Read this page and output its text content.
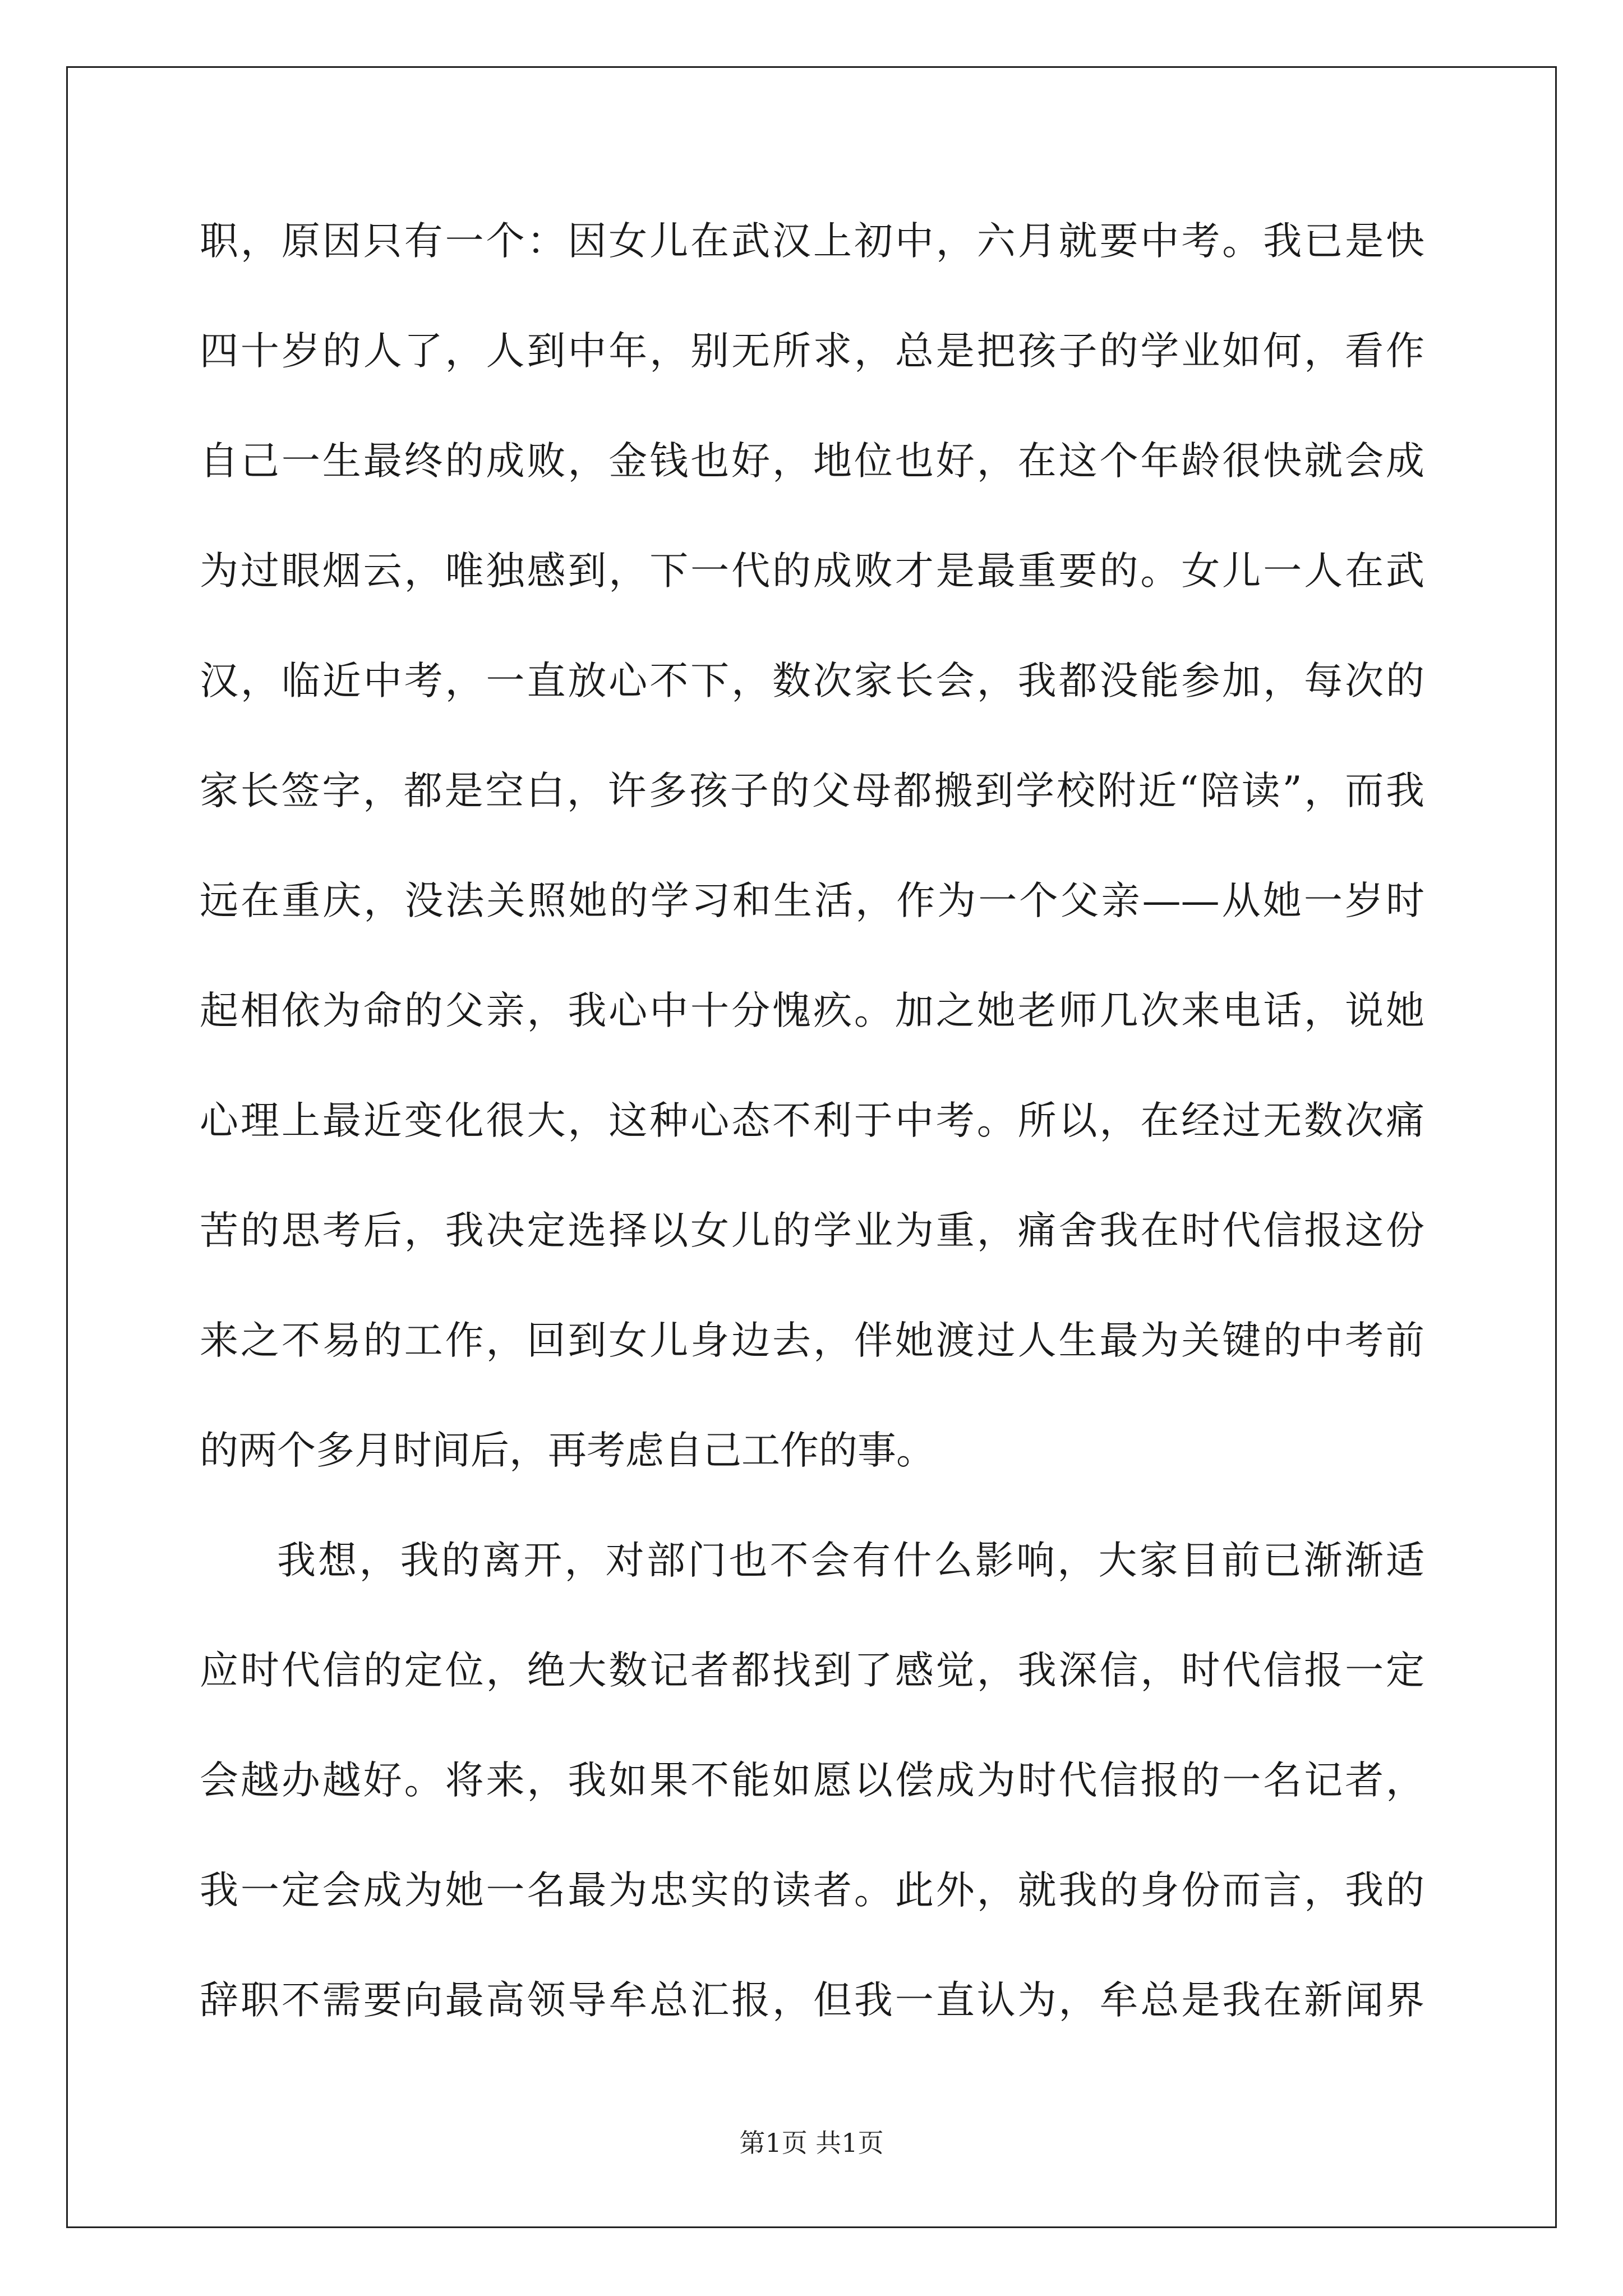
职，原因只有一个：因女儿在武汉上初中，六月就要中考。我已是快
四十岁的人了，人到中年，别无所求，总是把孩子的学业如何，看作
自己一生最终的成败，金钱也好，地位也好，在这个年龄很快就会成
为过眼烟云，唯独感到，下一代的成败才是最重要的。女儿一人在武
汉，临近中考，一直放心不下，数次家长会，我都没能参加，每次的
家长签字，都是空白，许多孩子的父母都搬到学校附近“陪读”，而我
远在重庆，没法关照她的学习和生活，作为一个父亲——从她一岁时
起相依为命的父亲，我心中十分愧疚。加之她老师几次来电话，说她
心理上最近变化很大，这种心态不利于中考。所以，在经过无数次痛
苦的思考后，我决定选择以女儿的学业为重，痛舍我在时代信报这份
来之不易的工作，回到女儿身边去，伴她渡过人生最为关键的中考前
的两个多月时间后，再考虑自己工作的事。
我想，我的离开，对部门也不会有什么影响，大家目前已渐渐适
应时代信的定位，绝大数记者都找到了感觉，我深信，时代信报一定
会越办越好。将来，我如果不能如愿以偿成为时代信报的一名记者，
我一定会成为她一名最为忠实的读者。此外，就我的身份而言，我的
辞职不需要向最高领导牟总汇报，但我一直认为，牟总是我在新闻界
第1页 共1页
